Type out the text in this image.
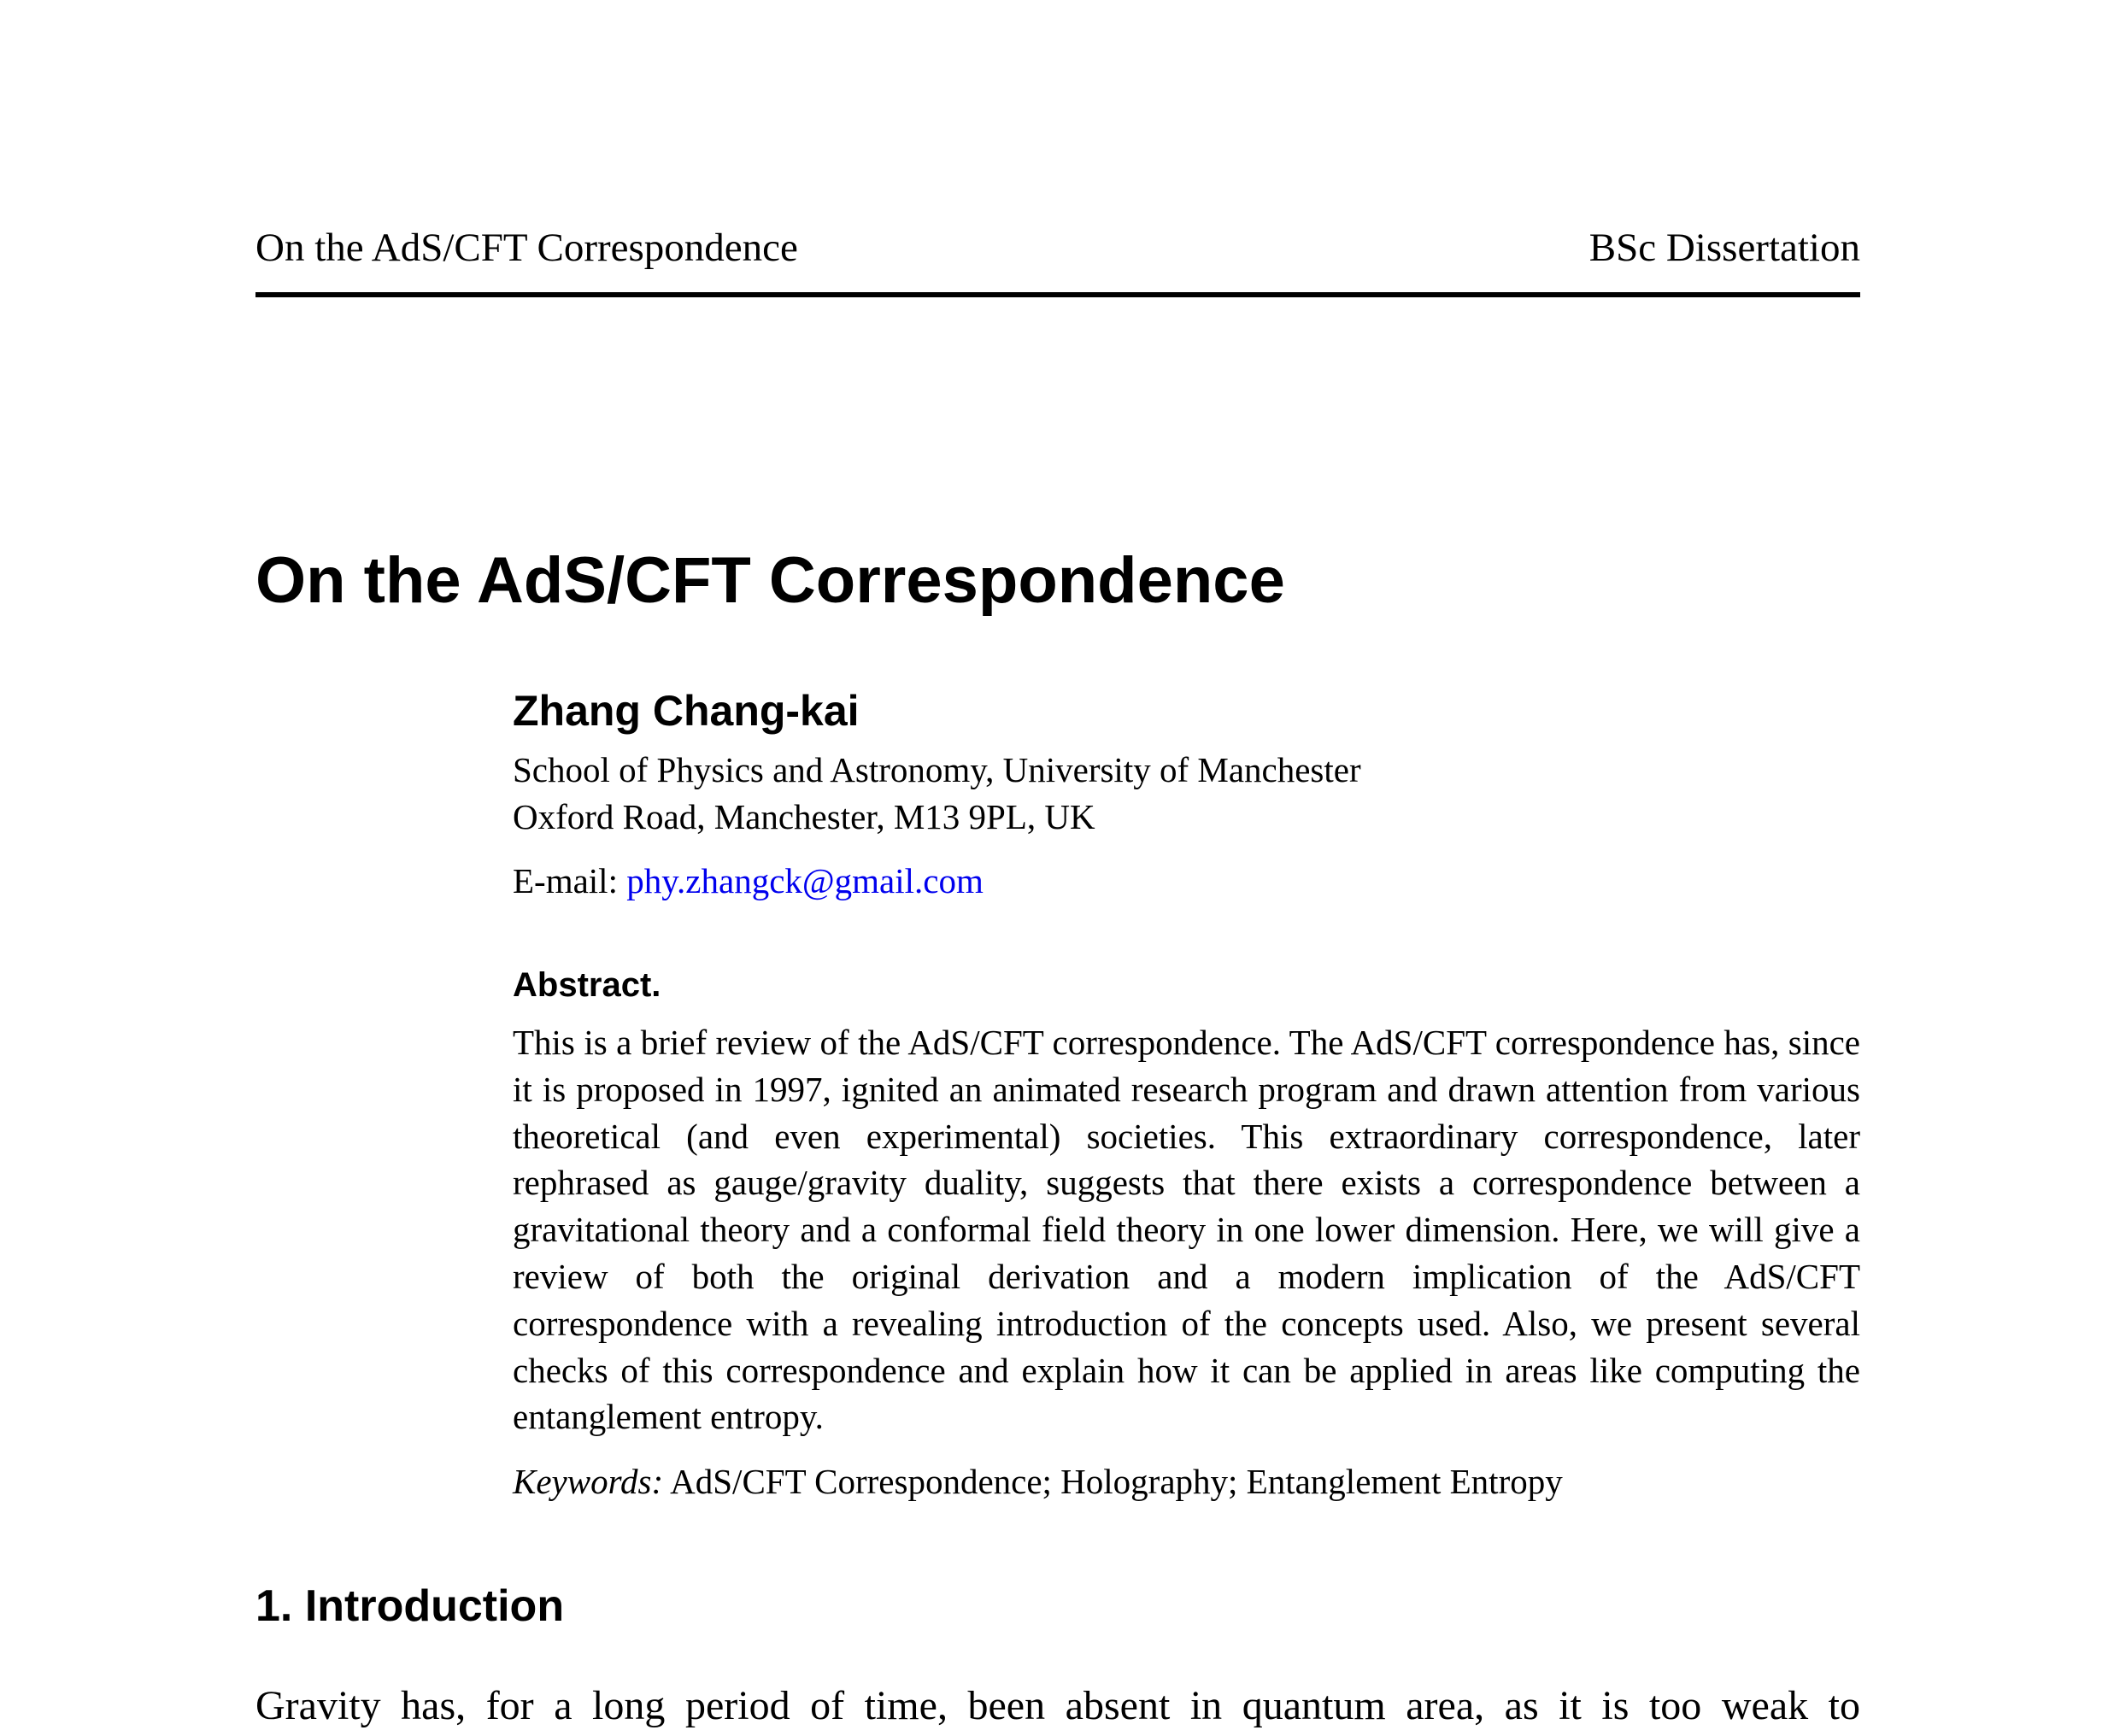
On the AdS/CFT Correspondence	BSc Dissertation
On the AdS/CFT Correspondence
Zhang Chang-kai
School of Physics and Astronomy, University of Manchester
Oxford Road, Manchester, M13 9PL, UK
E-mail: phy.zhangck@gmail.com
Abstract.
This is a brief review of the AdS/CFT correspondence. The AdS/CFT correspondence has, since it is proposed in 1997, ignited an animated research program and drawn attention from various theoretical (and even experimental) societies. This extraordinary correspondence, later rephrased as gauge/gravity duality, suggests that there exists a correspondence between a gravitational theory and a conformal field theory in one lower dimension. Here, we will give a review of both the original derivation and a modern implication of the AdS/CFT correspondence with a revealing introduction of the concepts used. Also, we present several checks of this correspondence and explain how it can be applied in areas like computing the entanglement entropy.
Keywords: AdS/CFT Correspondence; Holography; Entanglement Entropy
1. Introduction
Gravity has, for a long period of time, been absent in quantum area, as it is too weak to
